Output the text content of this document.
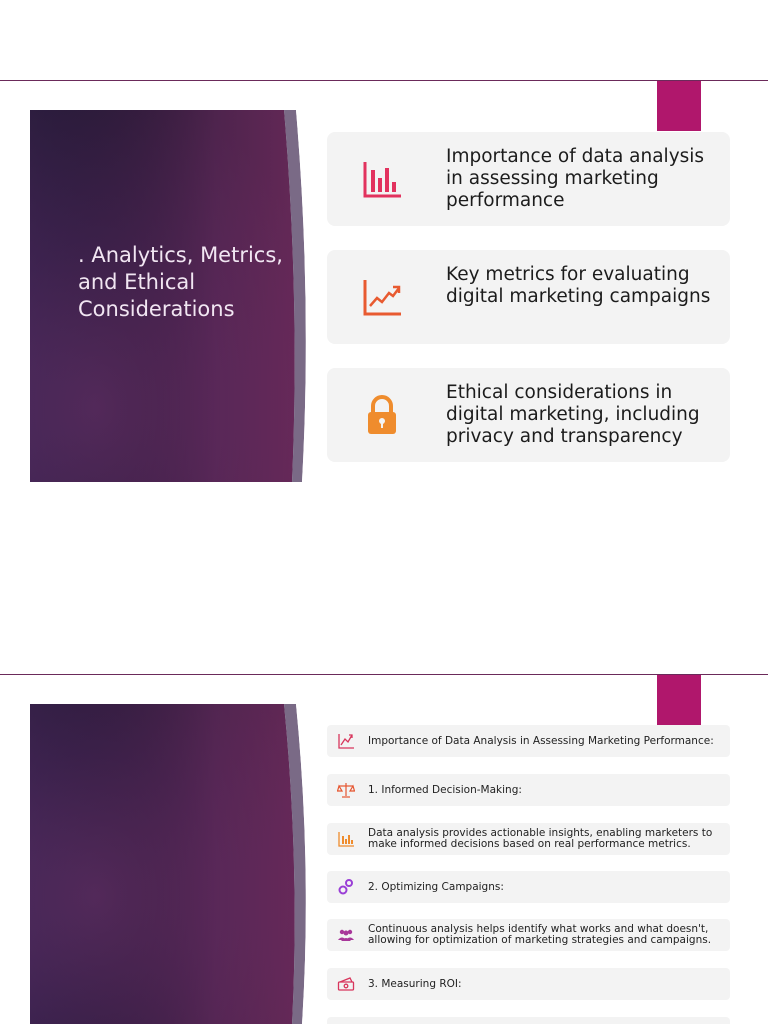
. Analytics, Metrics, and Ethical Considerations
Importance of data analysis in assessing marketing performance
Key metrics for evaluating digital marketing campaigns
Ethical considerations in digital marketing, including privacy and transparency
Importance of Data Analysis in Assessing Marketing Performance:
1. Informed Decision-Making:
Data analysis provides actionable insights, enabling marketers to make informed decisions based on real performance metrics.
2. Optimizing Campaigns:
Continuous analysis helps identify what works and what doesn't, allowing for optimization of marketing strategies and campaigns.
3. Measuring ROI:
